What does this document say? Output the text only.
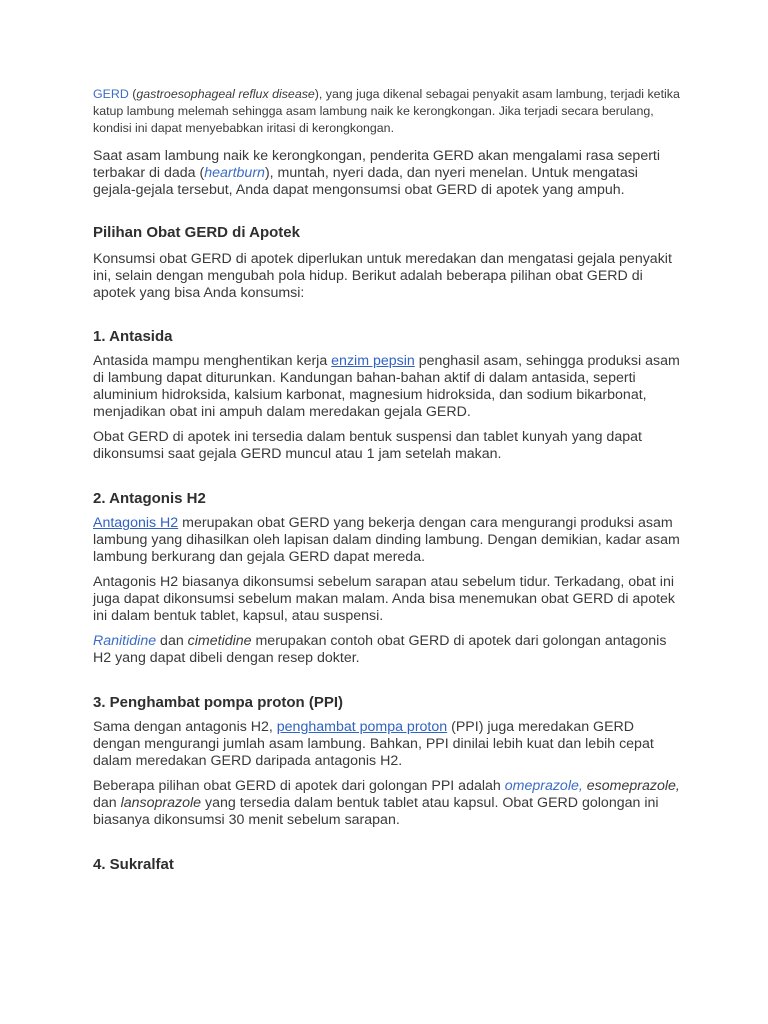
GERD (gastroesophageal reflux disease), yang juga dikenal sebagai penyakit asam lambung, terjadi ketika katup lambung melemah sehingga asam lambung naik ke kerongkongan. Jika terjadi secara berulang, kondisi ini dapat menyebabkan iritasi di kerongkongan.

Saat asam lambung naik ke kerongkongan, penderita GERD akan mengalami rasa seperti terbakar di dada (heartburn), muntah, nyeri dada, dan nyeri menelan. Untuk mengatasi gejala-gejala tersebut, Anda dapat mengonsumsi obat GERD di apotek yang ampuh.

Pilihan Obat GERD di Apotek

Konsumsi obat GERD di apotek diperlukan untuk meredakan dan mengatasi gejala penyakit ini, selain dengan mengubah pola hidup. Berikut adalah beberapa pilihan obat GERD di apotek yang bisa Anda konsumsi:

1. Antasida

Antasida mampu menghentikan kerja enzim pepsin penghasil asam, sehingga produksi asam di lambung dapat diturunkan. Kandungan bahan-bahan aktif di dalam antasida, seperti aluminium hidroksida, kalsium karbonat, magnesium hidroksida, dan sodium bikarbonat, menjadikan obat ini ampuh dalam meredakan gejala GERD.

Obat GERD di apotek ini tersedia dalam bentuk suspensi dan tablet kunyah yang dapat dikonsumsi saat gejala GERD muncul atau 1 jam setelah makan.

2. Antagonis H2

Antagonis H2 merupakan obat GERD yang bekerja dengan cara mengurangi produksi asam lambung yang dihasilkan oleh lapisan dalam dinding lambung. Dengan demikian, kadar asam lambung berkurang dan gejala GERD dapat mereda.

Antagonis H2 biasanya dikonsumsi sebelum sarapan atau sebelum tidur. Terkadang, obat ini juga dapat dikonsumsi sebelum makan malam. Anda bisa menemukan obat GERD di apotek ini dalam bentuk tablet, kapsul, atau suspensi.

Ranitidine dan cimetidine merupakan contoh obat GERD di apotek dari golongan antagonis H2 yang dapat dibeli dengan resep dokter.

3. Penghambat pompa proton (PPI)

Sama dengan antagonis H2, penghambat pompa proton (PPI) juga meredakan GERD dengan mengurangi jumlah asam lambung. Bahkan, PPI dinilai lebih kuat dan lebih cepat dalam meredakan GERD daripada antagonis H2.

Beberapa pilihan obat GERD di apotek dari golongan PPI adalah omeprazole, esomeprazole, dan lansoprazole yang tersedia dalam bentuk tablet atau kapsul. Obat GERD golongan ini biasanya dikonsumsi 30 menit sebelum sarapan.

4. Sukralfat
